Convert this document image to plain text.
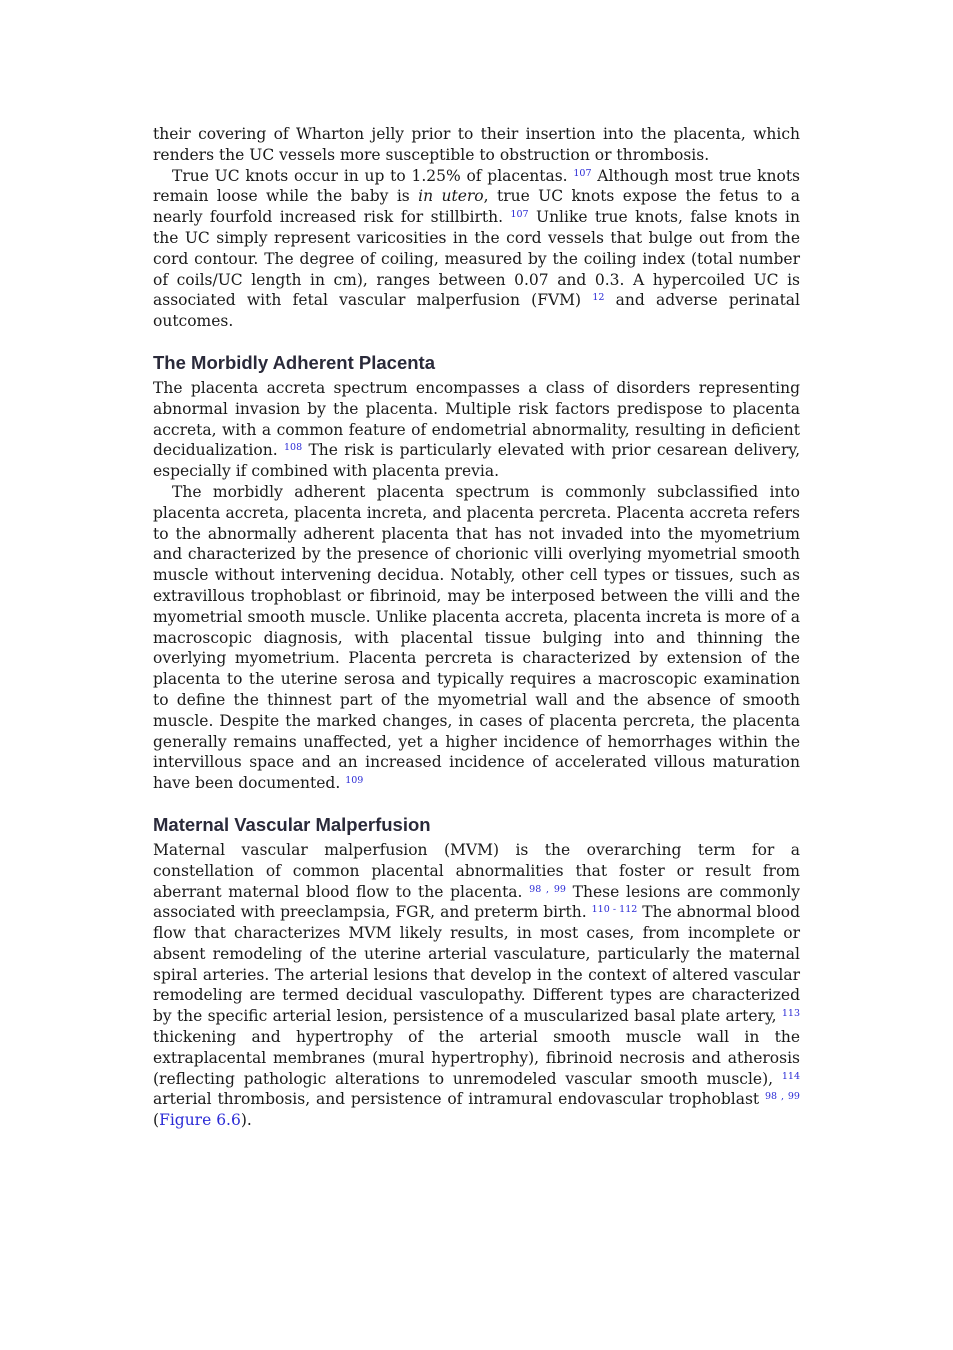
their covering of Wharton jelly prior to their insertion into the placenta, which renders the UC vessels more susceptible to obstruction or thrombosis.

True UC knots occur in up to 1.25% of placentas. $^{107}$ Although most true knots remain loose while the baby is in utero, true UC knots expose the fetus to a nearly fourfold increased risk for stillbirth. $^{107}$ Unlike true knots, false knots in the UC simply represent varicosities in the cord vessels that bulge out from the cord contour. The degree of coiling, measured by the coiling index (total number of coils/UC length in cm), ranges between 0.07 and 0.3. A hypercoiled UC is associated with fetal vascular malperfusion (FVM) $^{12}$ and adverse perinatal outcomes.

The Morbidly Adherent Placenta

The placenta accreta spectrum encompasses a class of disorders representing abnormal invasion by the placenta. Multiple risk factors predispose to placenta accreta, with a common feature of endometrial abnormality, resulting in deficient decidualization. $^{108}$ The risk is particularly elevated with prior cesarean delivery, especially if combined with placenta previa.

The morbidly adherent placenta spectrum is commonly subclassified into placenta accreta, placenta increta, and placenta percreta. Placenta accreta refers to the abnormally adherent placenta that has not invaded into the myometrium and characterized by the presence of chorionic villi overlying myometrial smooth muscle without intervening decidua. Notably, other cell types or tissues, such as extravillous trophoblast or fibrinoid, may be interposed between the villi and the myometrial smooth muscle. Unlike placenta accreta, placenta increta is more of a macroscopic diagnosis, with placental tissue bulging into and thinning the overlying myometrium. Placenta percreta is characterized by extension of the placenta to the uterine serosa and typically requires a macroscopic examination to define the thinnest part of the myometrial wall and the absence of smooth muscle. Despite the marked changes, in cases of placenta percreta, the placenta generally remains unaffected, yet a higher incidence of hemorrhages within the intervillous space and an increased incidence of accelerated villous maturation have been documented. $^{109}$

Maternal Vascular Malperfusion

Maternal vascular malperfusion (MVM) is the overarching term for a constellation of common placental abnormalities that foster or result from aberrant maternal blood flow to the placenta. $^{98 , 99}$ These lesions are commonly associated with preeclampsia, FGR, and preterm birth. $^{110 - 112}$ The abnormal blood flow that characterizes MVM likely results, in most cases, from incomplete or absent remodeling of the uterine arterial vasculature, particularly the maternal spiral arteries. The arterial lesions that develop in the context of altered vascular remodeling are termed decidual vasculopathy. Different types are characterized by the specific arterial lesion, persistence of a muscularized basal plate artery, $^{113}$ thickening and hypertrophy of the arterial smooth muscle wall in the extraplacental membranes (mural hypertrophy), fibrinoid necrosis and atherosis (reflecting pathologic alterations to unremodeled vascular smooth muscle), $^{114}$ arterial thrombosis, and persistence of intramural endovascular trophoblast $^{98 , 99}$ (Figure 6.6).
